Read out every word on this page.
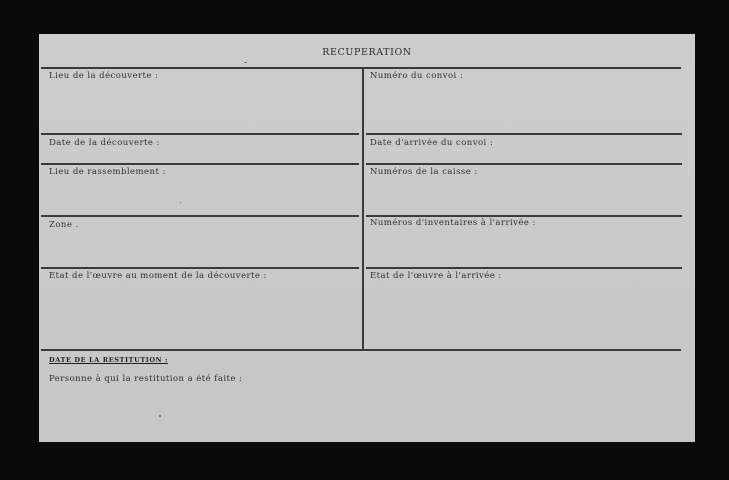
RECUPERATION
Lieu de la découverte :
Date de la découverte :
Lieu de rassemblement :
Zone .
Etat de l'œuvre au moment de la découverte :
Numéro du convoi :
Date d'arrivée du convoi :
Numéros de la caisse :
Numéros d'inventaires à l'arrivée :
Etat de l'œuvre à l'arrivée :
DATE DE LA RESTITUTION :
Personne à qui la restitution a été faite :
